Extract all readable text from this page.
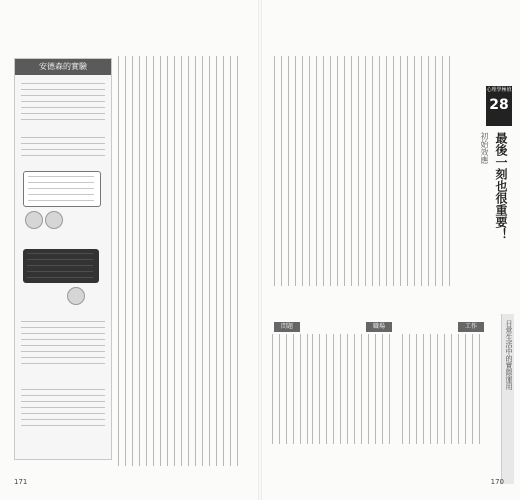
安德森的實驗
171
心理學極值
28
初始效應 最後一刻也很重要！
日常生活中的實際運用
工作
職場
問題
170
